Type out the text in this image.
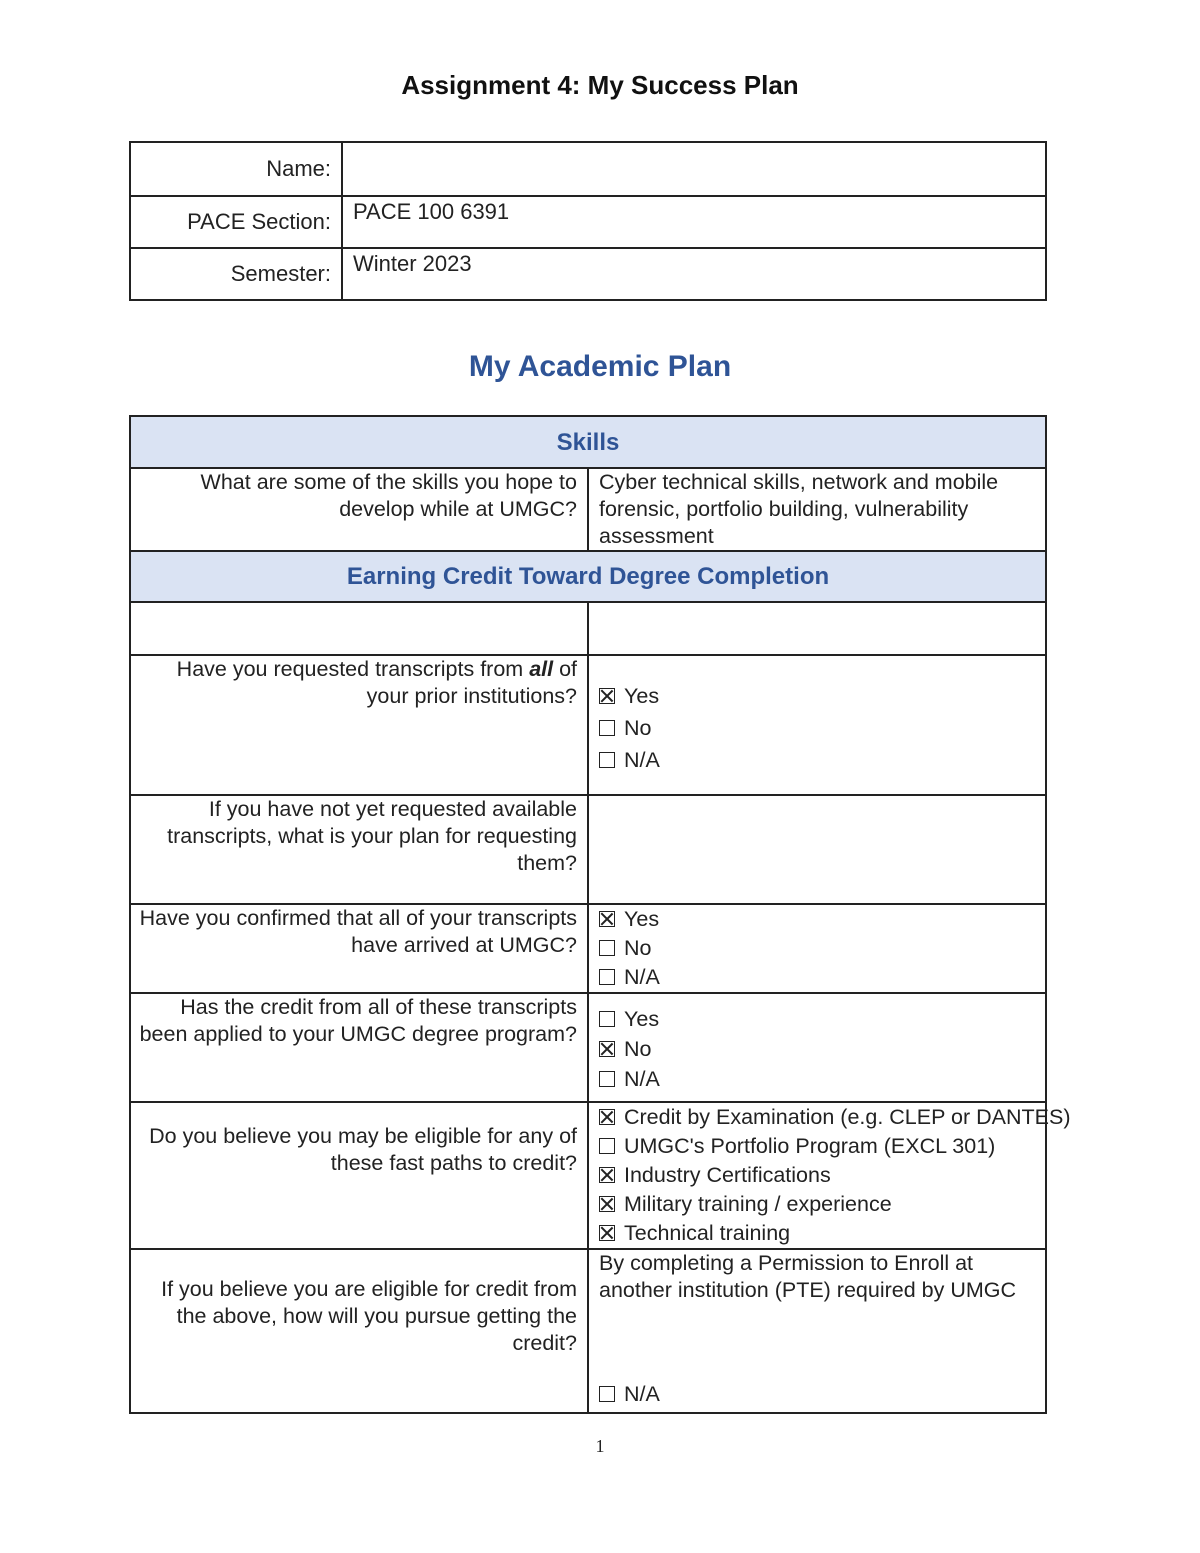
Assignment 4: My Success Plan
Name:	
PACE Section:	PACE 100 6391
Semester:	Winter 2023
My Academic Plan
Skills	
What are some of the skills you hope to develop while at UMGC?	Cyber technical skills, network and mobile forensic, portfolio building, vulnerability assessment
Earning Credit Toward Degree Completion	

Have you requested transcripts from all of your prior institutions?	Yes
No
N/A

If you have not yet requested available transcripts, what is your plan for requesting them?	
Have you confirmed that all of your transcripts have arrived at UMGC?	Yes
No
N/A

Has the credit from all of these transcripts been applied to your UMGC degree program?	Yes
No
N/A

Do you believe you may be eligible for any of these fast paths to credit?	Credit by Examination (e.g. CLEP or DANTES)
UMGC's Portfolio Program (EXCL 301)
Industry Certifications
Military training / experience
Technical training

If you believe you are eligible for credit from the above, how will you pursue getting the credit?	By completing a Permission to Enroll at another institution (PTE) required by UMGC
N/A
1
